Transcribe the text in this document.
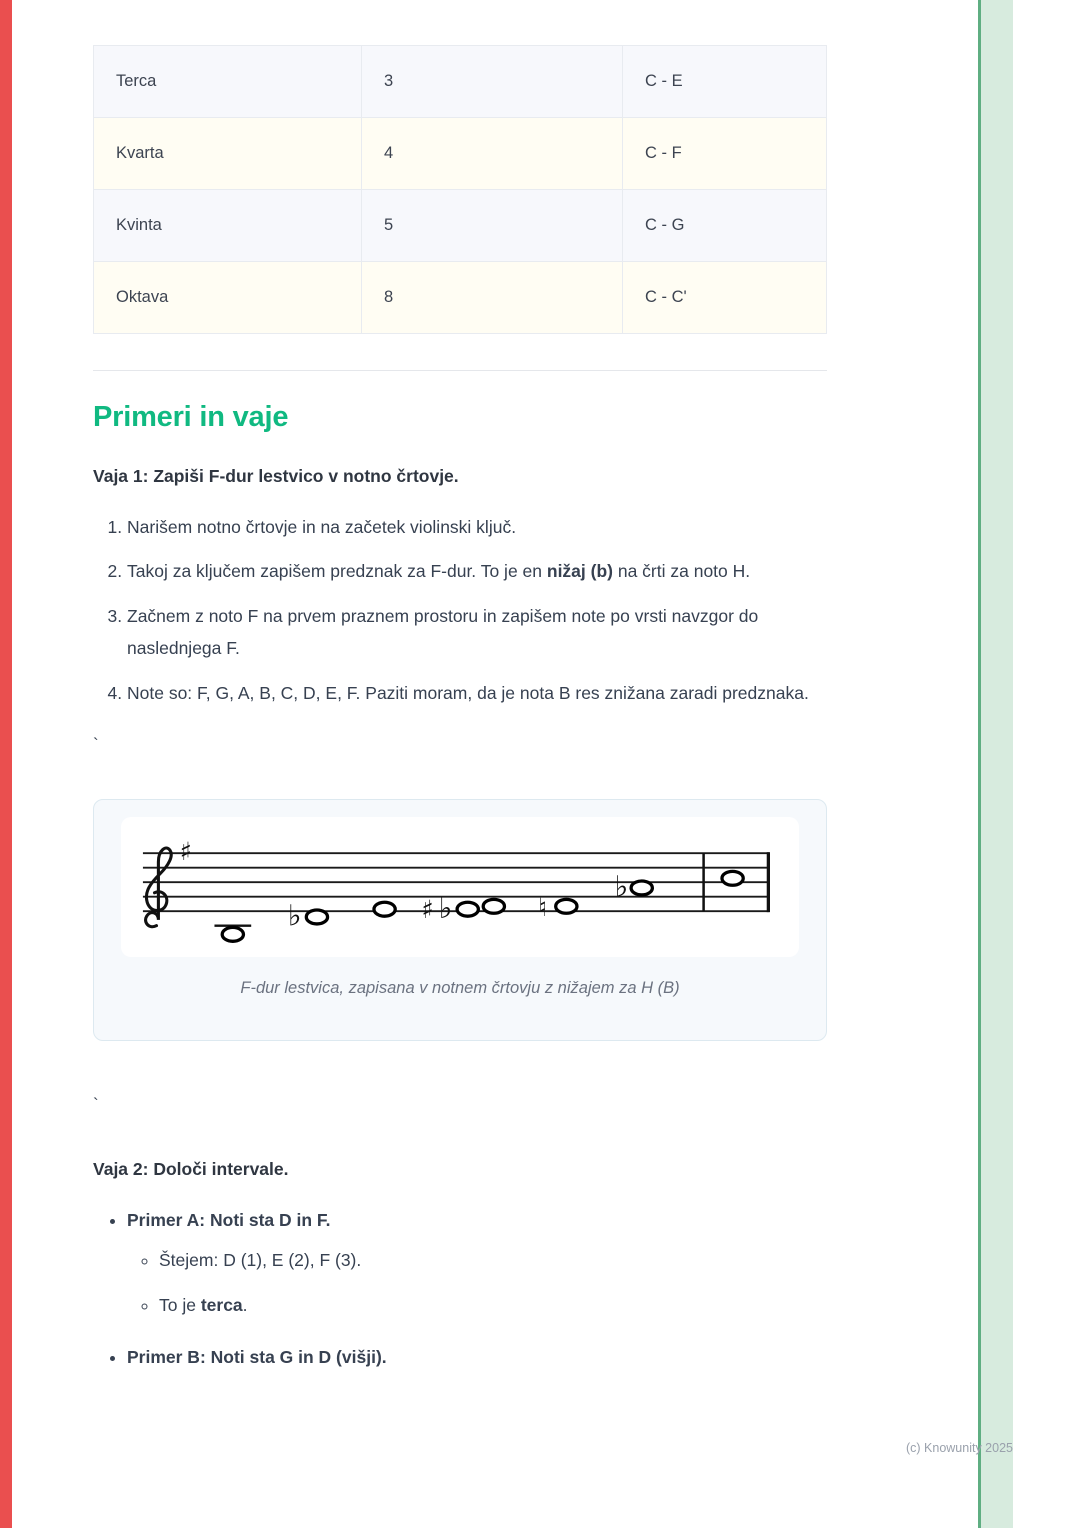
Terca	3	C - E
Kvarta	4	C - F
Kvinta	5	C - G
Oktava	8	C - C'
Primeri in vaje
Vaja 1: Zapiši F-dur lestvico v notno črtovje.
1. Narišem notno črtovje in na začetek violinski ključ.
2. Takoj za ključem zapišem predznak za F-dur. To je en nižaj (b) na črti za noto H.
3. Začnem z noto F na prvem praznem prostoru in zapišem note po vrsti navzgor do naslednjega F.
4. Note so: F, G, A, B, C, D, E, F. Paziti moram, da je nota B res znižana zaradi predznaka.
`
♯
♭	♯ ♭	♮
♭
F-dur lestvica, zapisana v notnem črtovju z nižajem za H (B)
`
Vaja 2: Določi intervale.
• Primer A: Noti sta D in F.
◦ Štejem: D (1), E (2), F (3).
◦ To je terca.
• Primer B: Noti sta G in D (višji).
(c) Knowunity 2025
